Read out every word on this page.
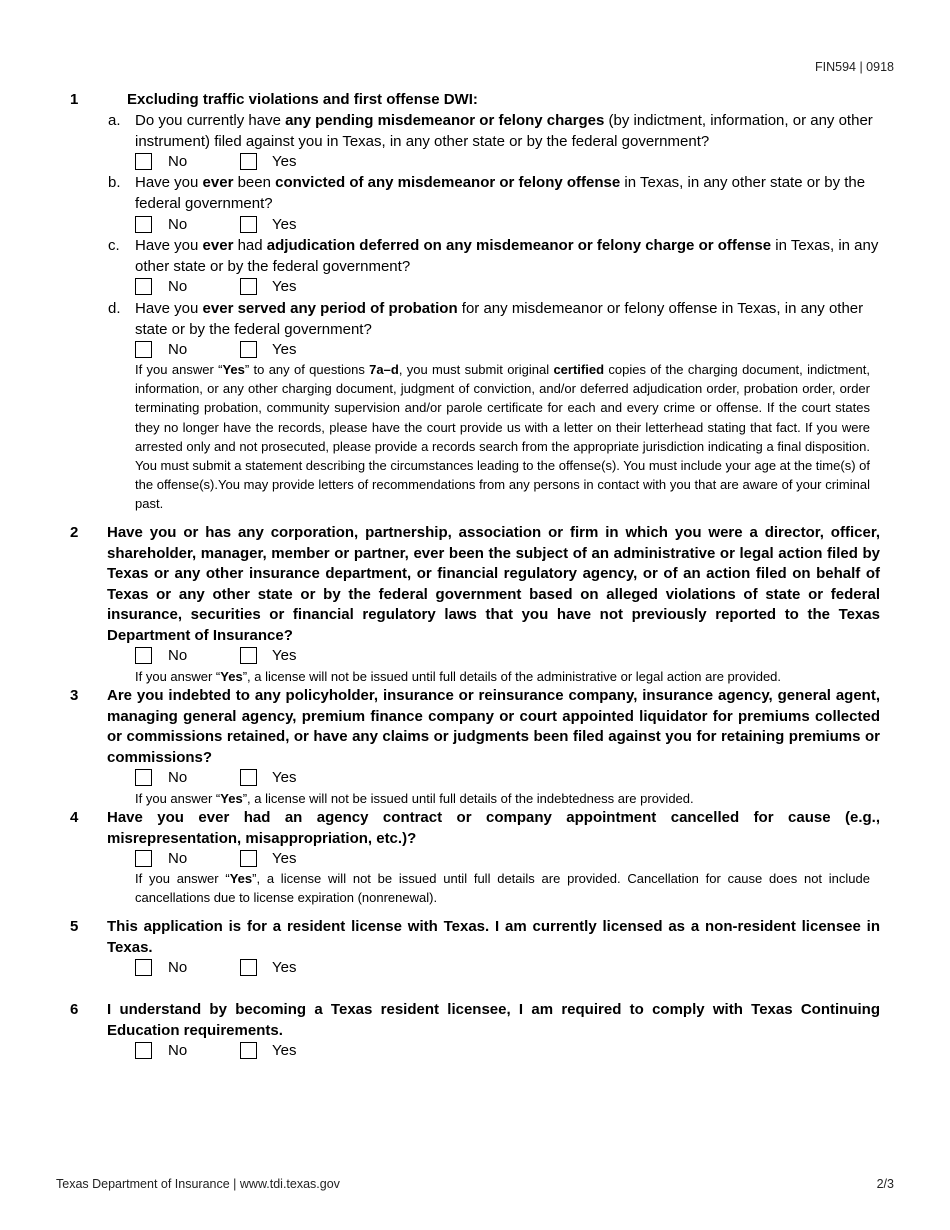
FIN594 | 0918
1	Excluding traffic violations and first offense DWI:
a. Do you currently have any pending misdemeanor or felony charges (by indictment, information, or any other instrument) filed against you in Texas, in any other state or by the federal government?
No	Yes
b. Have you ever been convicted of any misdemeanor or felony offense in Texas, in any other state or by the federal government?
No	Yes
c. Have you ever had adjudication deferred on any misdemeanor or felony charge or offense in Texas, in any other state or by the federal government?
No	Yes
d. Have you ever served any period of probation for any misdemeanor or felony offense in Texas, in any other state or by the federal government?
No	Yes
If you answer “Yes” to any of questions 7a–d, you must submit original certified copies of the charging document, indictment, information, or any other charging document, judgment of conviction, and/or deferred adjudication order, probation order, order terminating probation, community supervision and/or parole certificate for each and every crime or offense. If the court states they no longer have the records, please have the court provide us with a letter on their letterhead stating that fact. If you were arrested only and not prosecuted, please provide a records search from the appropriate jurisdiction indicating a final disposition. You must submit a statement describing the circumstances leading to the offense(s). You must include your age at the time(s) of the offense(s).You may provide letters of recommendations from any persons in contact with you that are aware of your criminal past.
2 Have you or has any corporation, partnership, association or firm in which you were a director, officer, shareholder, manager, member or partner, ever been the subject of an administrative or legal action filed by Texas or any other insurance department, or financial regulatory agency, or of an action filed on behalf of Texas or any other state or by the federal government based on alleged violations of state or federal insurance, securities or financial regulatory laws that you have not previously reported to the Texas Department of Insurance?
No	Yes
If you answer “Yes”, a license will not be issued until full details of the administrative or legal action are provided.
3 Are you indebted to any policyholder, insurance or reinsurance company, insurance agency, general agent, managing general agency, premium finance company or court appointed liquidator for premiums collected or commissions retained, or have any claims or judgments been filed against you for retaining premiums or commissions?
No	Yes
If you answer “Yes”, a license will not be issued until full details of the indebtedness are provided.
4 Have you ever had an agency contract or company appointment cancelled for cause (e.g., misrepresentation, misappropriation, etc.)?
No	Yes
If you answer “Yes”, a license will not be issued until full details are provided. Cancellation for cause does not include cancellations due to license expiration (nonrenewal).
5 This application is for a resident license with Texas. I am currently licensed as a non-resident licensee in Texas.
No	Yes
6 I understand by becoming a Texas resident licensee, I am required to comply with Texas Continuing Education requirements.
No	Yes
Texas Department of Insurance | www.tdi.texas.gov	2/3
